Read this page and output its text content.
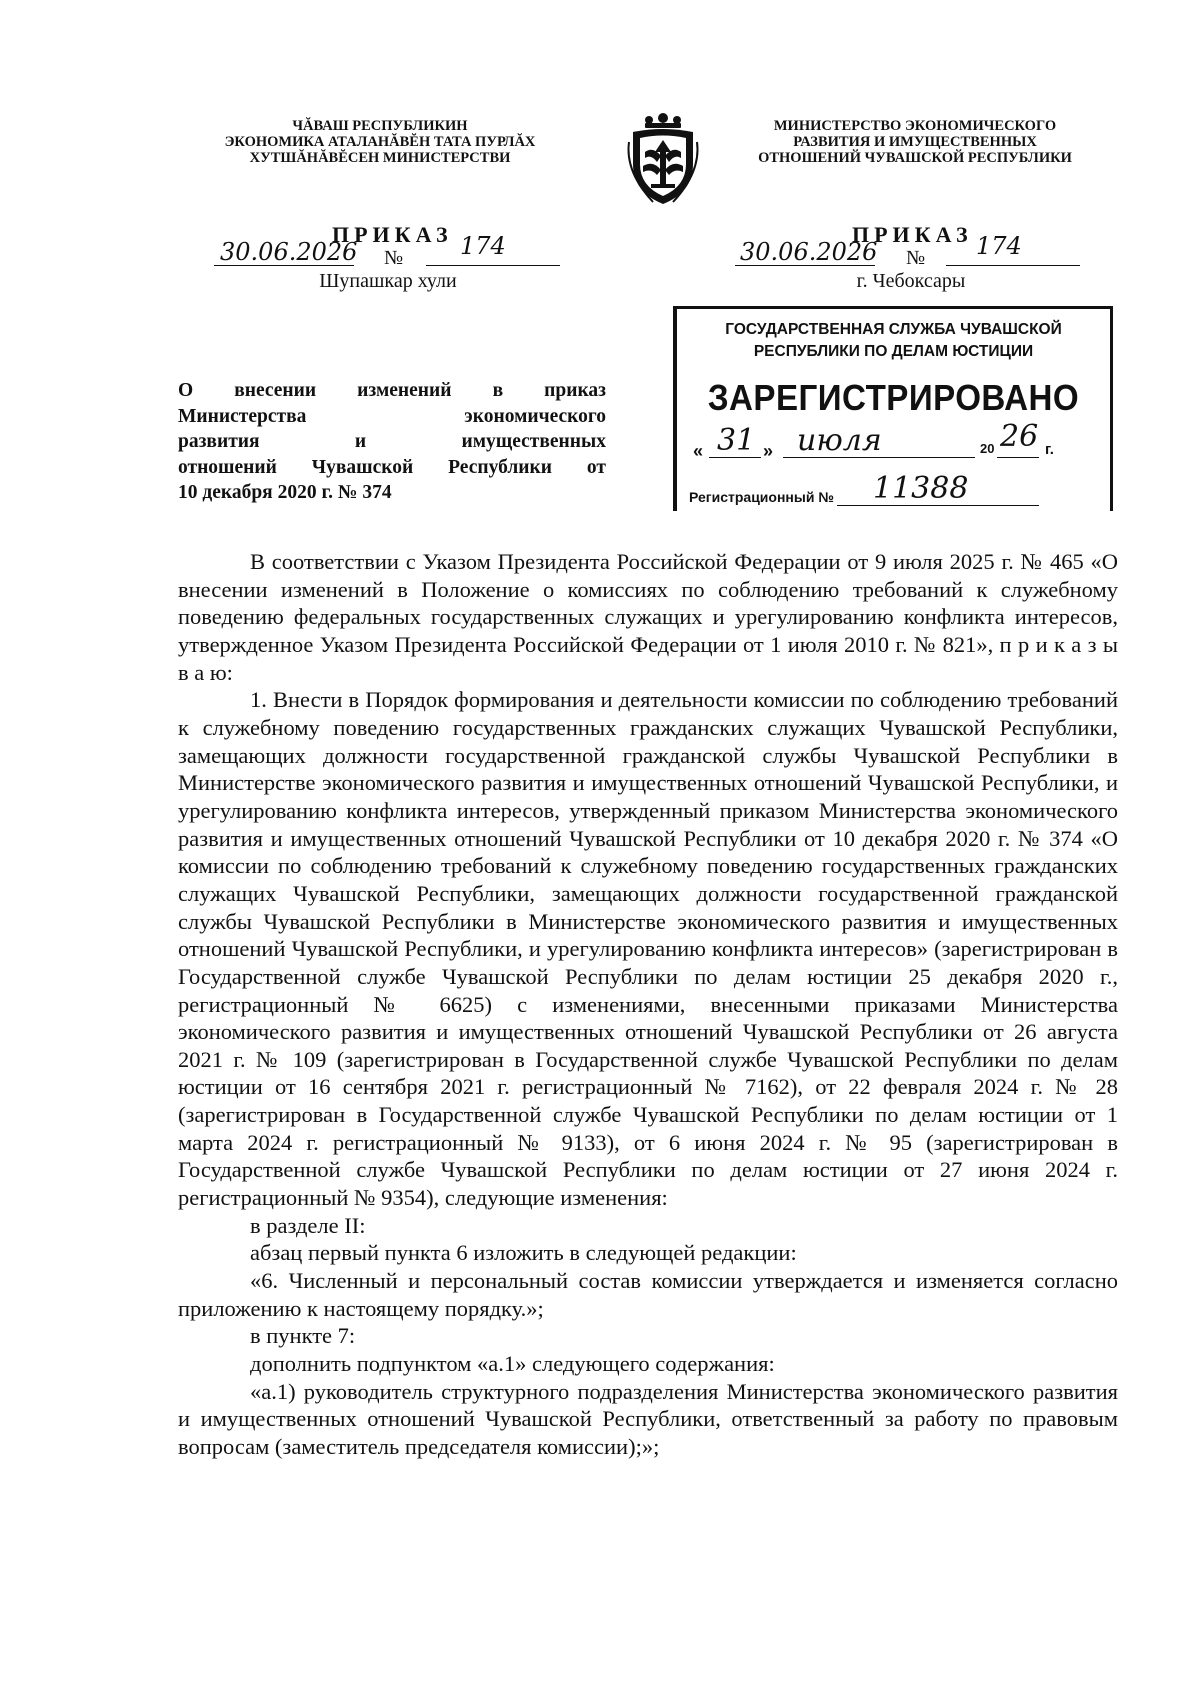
ЧĂВАШ РЕСПУБЛИКИН
ЭКОНОМИКА АТАЛАНĂВĔН ТАТА ПУРЛĂХ
ХУТШĂНĂВĔСЕН МИНИСТЕРСТВИ
МИНИСТЕРСТВО ЭКОНОМИЧЕСКОГО
РАЗВИТИЯ И ИМУЩЕСТВЕННЫХ
ОТНОШЕНИЙ ЧУВАШСКОЙ РЕСПУБЛИКИ
ПРИКАЗ
30.06.2026 № 174
Шупашкар хули
ПРИКАЗ
30.06.2026 № 174
г. Чебоксары
О внесении изменений в приказ
Министерства экономического
развития и имущественных
отношений Чувашской Республики от
10 декабря 2020 г. № 374
ГОСУДАРСТВЕННАЯ СЛУЖБА ЧУВАШСКОЙ
РЕСПУБЛИКИ ПО ДЕЛАМ ЮСТИЦИИ
ЗАРЕГИСТРИРОВАНО
« 31 » июля	20 26 г.
Регистрационный № 11388

В соответствии с Указом Президента Российской Федерации от 9 июля 2025 г. № 465 «О внесении изменений в Положение о комиссиях по соблюдению требований к служебному поведению федеральных государственных служащих и урегулированию конфликта интересов, утвержденное Указом Президента Российской Федерации от 1 июля 2010 г. № 821», п р и к а з ы в а ю:

1. Внести в Порядок формирования и деятельности комиссии по соблюдению требований к служебному поведению государственных гражданских служащих Чувашской Республики, замещающих должности государственной гражданской службы Чувашской Республики в Министерстве экономического развития и имущественных отношений Чувашской Республики, и урегулированию конфликта интересов, утвержденный приказом Министерства экономического развития и имущественных отношений Чувашской Республики от 10 декабря 2020 г. № 374 «О комиссии по соблюдению требований к служебному поведению государственных гражданских служащих Чувашской Республики, замещающих должности государственной гражданской службы Чувашской Республики в Министерстве экономического развития и имущественных отношений Чувашской Республики, и урегулированию конфликта интересов» (зарегистрирован в Государственной службе Чувашской Республики по делам юстиции 25 декабря 2020 г., регистрационный № 6625) с изменениями, внесенными приказами Министерства экономического развития и имущественных отношений Чувашской Республики от 26 августа 2021 г. № 109 (зарегистрирован в Государственной службе Чувашской Республики по делам юстиции от 16 сентября 2021 г. регистрационный № 7162), от 22 февраля 2024 г. № 28 (зарегистрирован в Государственной службе Чувашской Республики по делам юстиции от 1 марта 2024 г. регистрационный № 9133), от 6 июня 2024 г. № 95 (зарегистрирован в Государственной службе Чувашской Республики по делам юстиции от 27 июня 2024 г. регистрационный № 9354), следующие изменения:

в разделе II:

абзац первый пункта 6 изложить в следующей редакции:

«6. Численный и персональный состав комиссии утверждается и изменяется согласно приложению к настоящему порядку.»;

в пункте 7:

дополнить подпунктом «а.1» следующего содержания:

«а.1) руководитель структурного подразделения Министерства экономического развития и имущественных отношений Чувашской Республики, ответственный за работу по правовым вопросам (заместитель председателя комиссии);»;
